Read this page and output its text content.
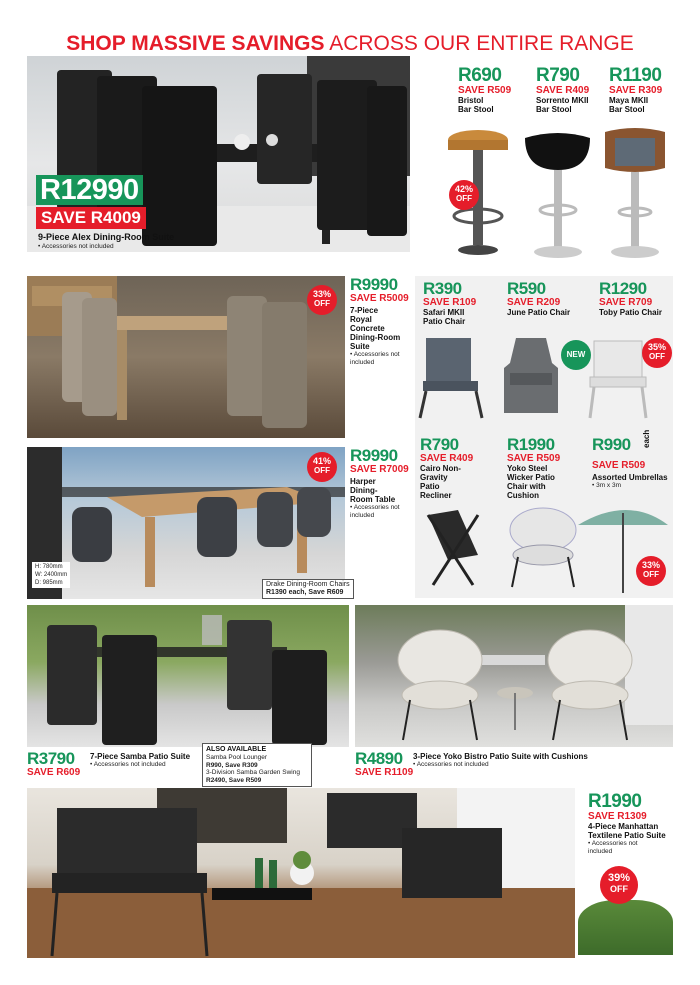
SHOP MASSIVE SAVINGS ACROSS OUR ENTIRE RANGE
R12990
SAVE R4009
9-Piece Alex Dining-Room Suite
• Accessories not included
R690
SAVE R509
Bristol Bar Stool
R790
SAVE R409
Sorrento MKII Bar Stool
R1190
SAVE R309
Maya MKII Bar Stool
42%
OFF
33%
OFF
R9990
SAVE R5009
7-Piece Royal Concrete Dining-Room Suite
• Accessories not included
H: 780mm
W: 2400mm
D: 985mm	Drake Dining-Room Chairs
R1390 each, Save R609
41%
OFF
R9990
SAVE R7009
Harper Dining-Room Table
• Accessories not included
R390
SAVE R109
Safari MKII Patio Chair
R590
SAVE R209
June Patio Chair
R1290
SAVE R709
Toby Patio Chair
NEW
35%
OFF
R790
SAVE R409
Cairo Non-Gravity Patio Recliner
R1990
SAVE R509
Yoko Steel Wicker Patio Chair with Cushion
R990
SAVE R509
Assorted Umbrellas
• 3m x 3m
each
33%
OFF
R3790
SAVE R609
7-Piece Samba Patio Suite
• Accessories not included
ALSO AVAILABLE
Samba Pool Lounger
R990, Save R309
3-Division Samba Garden Swing
R2490, Save R509
R4890
SAVE R1109
3-Piece Yoko Bistro Patio Suite with Cushions
• Accessories not included
R1990
SAVE R1309
4-Piece Manhattan Textilene Patio Suite
• Accessories not included
39%
OFF
